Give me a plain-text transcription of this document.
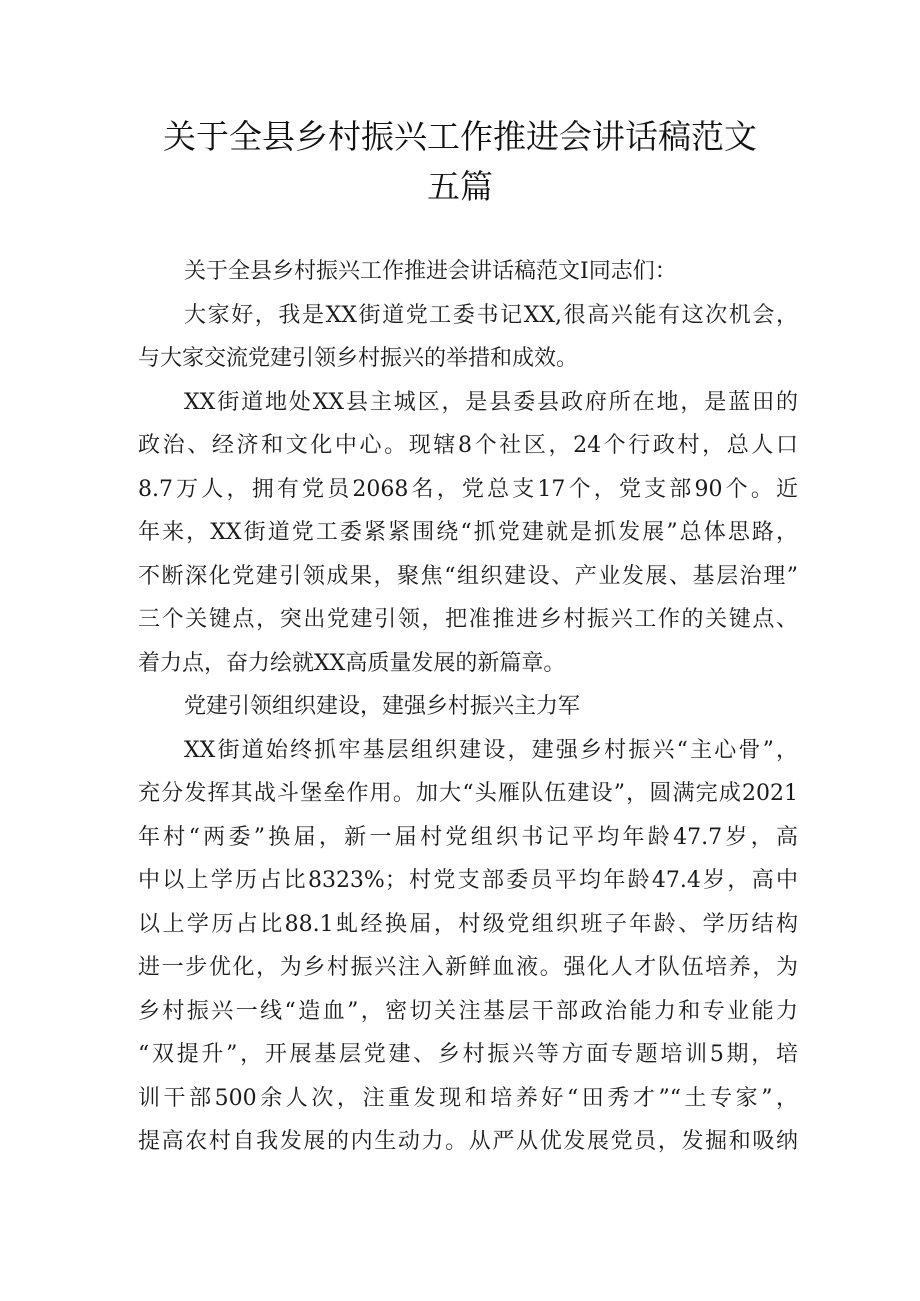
关于全县乡村振兴工作推进会讲话稿范文
五篇
关于全县乡村振兴工作推进会讲话稿范文I同志们：
大家好，我是XX街道党工委书记XX,很高兴能有这次机会，
与大家交流党建引领乡村振兴的举措和成效。
XX街道地处XX县主城区，是县委县政府所在地，是蓝田的
政治、经济和文化中心。现辖8个社区，24个行政村，总人口
8.7万人，拥有党员2068名，党总支17个，党支部90个。近
年来，XX街道党工委紧紧围绕“抓党建就是抓发展”总体思路，
不断深化党建引领成果，聚焦“组织建设、产业发展、基层治理”
三个关键点，突出党建引领，把准推进乡村振兴工作的关键点、
着力点，奋力绘就XX高质量发展的新篇章。
党建引领组织建设，建强乡村振兴主力军
XX街道始终抓牢基层组织建设，建强乡村振兴“主心骨”，
充分发挥其战斗堡垒作用。加大“头雁队伍建设”，圆满完成2021
年村“两委”换届，新一届村党组织书记平均年龄47.7岁，高
中以上学历占比8323%；村党支部委员平均年龄47.4岁，高中
以上学历占比88.1虬经换届，村级党组织班子年龄、学历结构
进一步优化，为乡村振兴注入新鲜血液。强化人才队伍培养，为
乡村振兴一线“造血”，密切关注基层干部政治能力和专业能力
“双提升”，开展基层党建、乡村振兴等方面专题培训5期，培
训干部500余人次，注重发现和培养好“田秀才”“土专家”，
提高农村自我发展的内生动力。从严从优发展党员，发掘和吸纳
